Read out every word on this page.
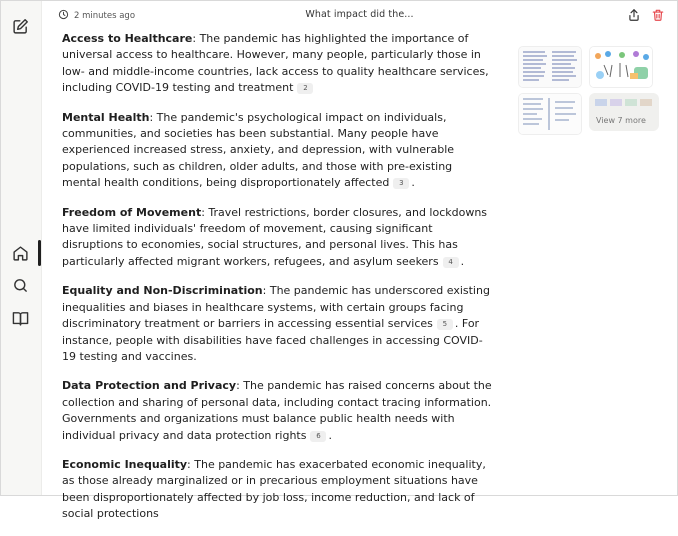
2 minutes ago	What impact did the...

Access to Healthcare: The pandemic has highlighted the importance of universal access to healthcare. However, many people, particularly those in low- and middle-income countries, lack access to quality healthcare services, including COVID-19 testing and treatment 2

Mental Health: The pandemic's psychological impact on individuals, communities, and societies has been substantial. Many people have experienced increased stress, anxiety, and depression, with vulnerable populations, such as children, older adults, and those with pre-existing mental health conditions, being disproportionately affected 3 .

Freedom of Movement: Travel restrictions, border closures, and lockdowns have limited individuals' freedom of movement, causing significant disruptions to economies, social structures, and personal lives. This has particularly affected migrant workers, refugees, and asylum seekers 4 .

Equality and Non-Discrimination: The pandemic has underscored existing inequalities and biases in healthcare systems, with certain groups facing discriminatory treatment or barriers in accessing essential services 5 . For instance, people with disabilities have faced challenges in accessing COVID-19 testing and vaccines.

Data Protection and Privacy: The pandemic has raised concerns about the collection and sharing of personal data, including contact tracing information. Governments and organizations must balance public health needs with individual privacy and data protection rights 6 .

Economic Inequality: The pandemic has exacerbated economic inequality, as those already marginalized or in precarious employment situations have been disproportionately affected by job loss, income reduction, and lack of social protections

View 7 more
